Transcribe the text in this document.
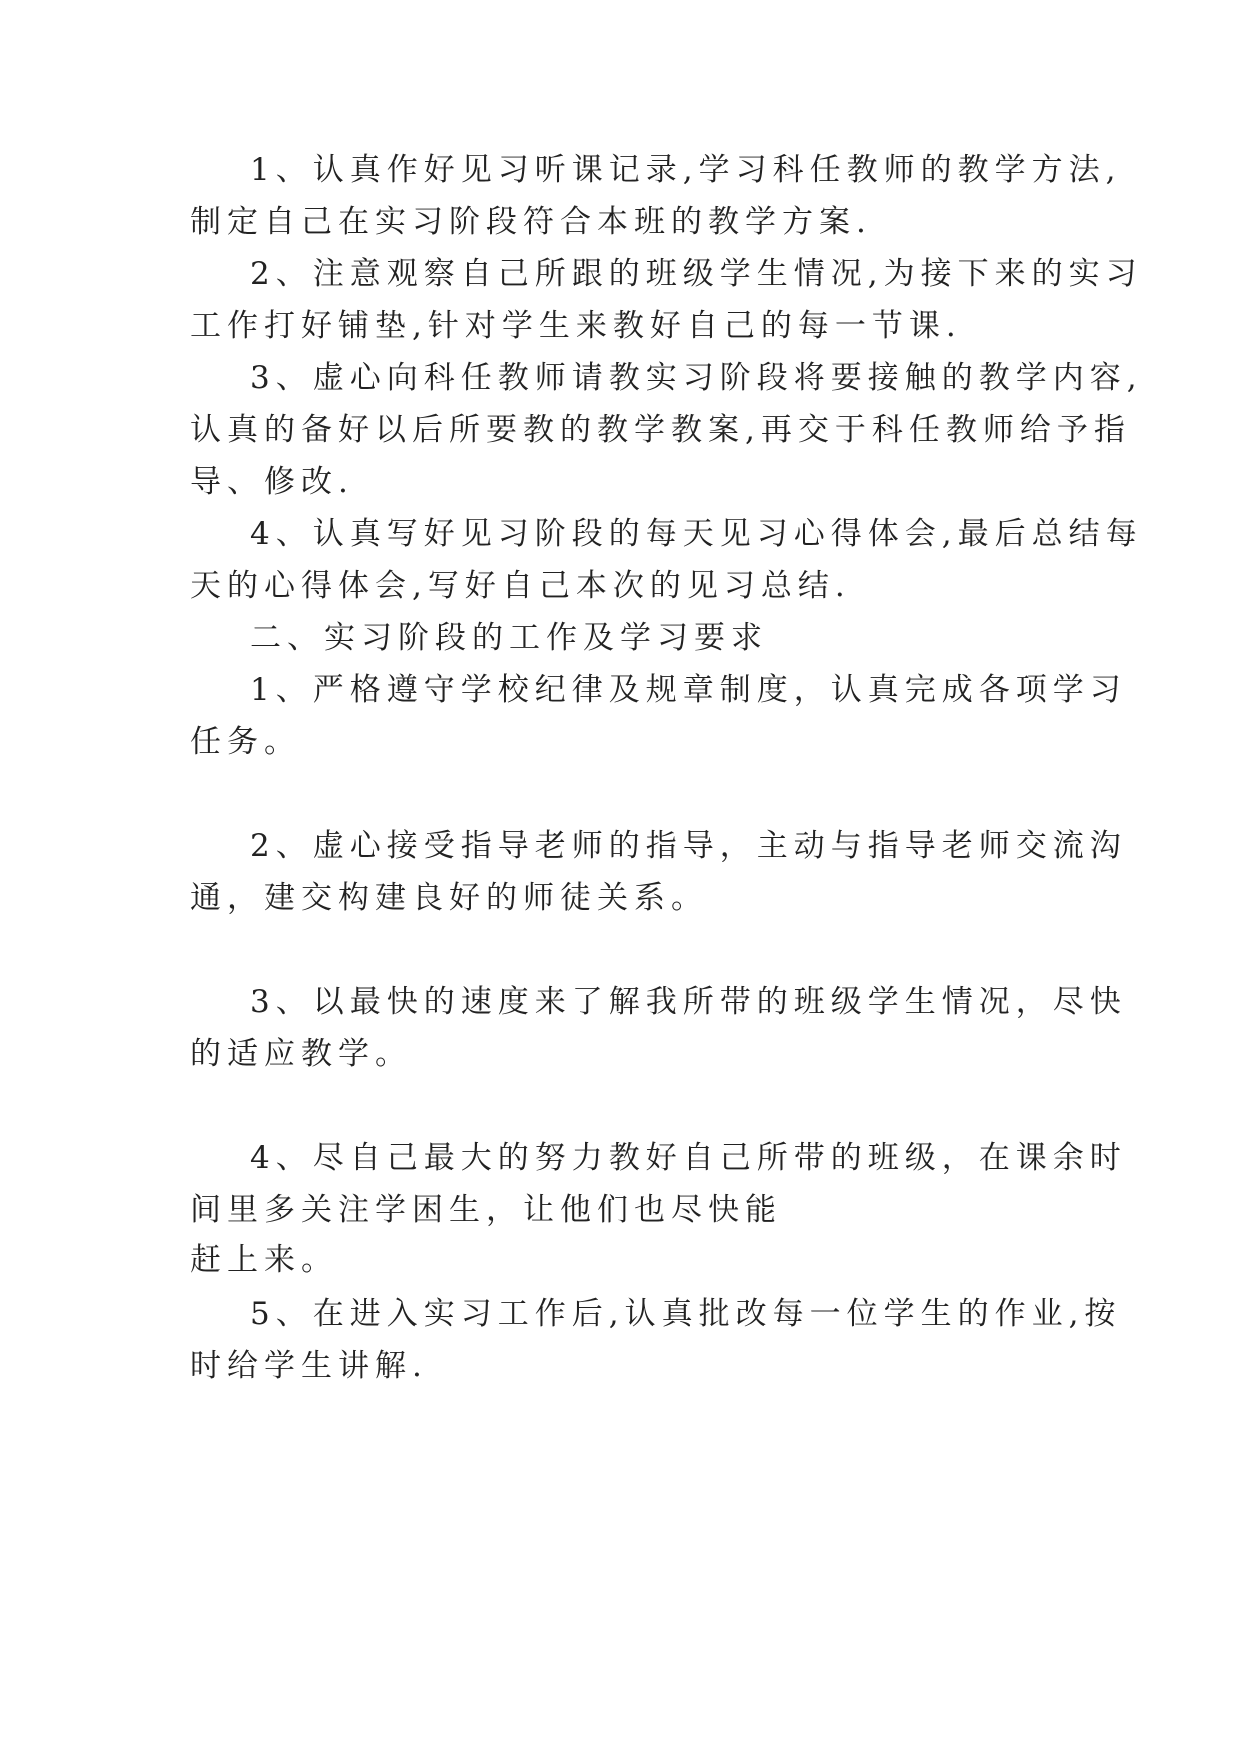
1、认真作好见习听课记录,学习科任教师的教学方法,
制定自己在实习阶段符合本班的教学方案.
2、注意观察自己所跟的班级学生情况,为接下来的实习
工作打好铺垫,针对学生来教好自己的每一节课.
3、虚心向科任教师请教实习阶段将要接触的教学内容,
认真的备好以后所要教的教学教案,再交于科任教师给予指
导、修改.
4、认真写好见习阶段的每天见习心得体会,最后总结每
天的心得体会,写好自己本次的见习总结.
二、实习阶段的工作及学习要求
1、严格遵守学校纪律及规章制度，认真完成各项学习
任务。
2、虚心接受指导老师的指导，主动与指导老师交流沟
通，建交构建良好的师徒关系。
3、以最快的速度来了解我所带的班级学生情况，尽快
的适应教学。
4、尽自己最大的努力教好自己所带的班级，在课余时
间里多关注学困生，让他们也尽快能
赶上来。
5、在进入实习工作后,认真批改每一位学生的作业,按
时给学生讲解.
